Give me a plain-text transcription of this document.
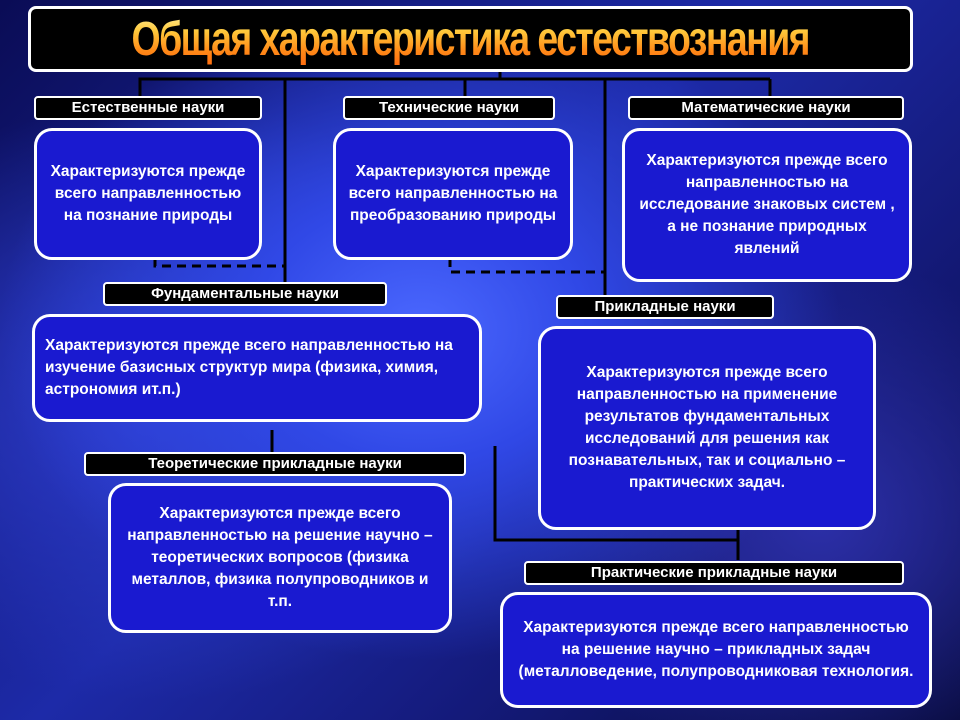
Общая характеристика естествознания
Естественные науки
Характеризуются прежде всего направленностью на познание природы
Технические науки
Характеризуются прежде всего направленностью на преобразованию природы
Математические науки
Характеризуются прежде всего направленностью на исследование знаковых систем , а не познание природных явлений
Фундаментальные науки
Характеризуются прежде всего направленностью на изучение базисных структур мира (физика, химия, астрономия ит.п.)
Прикладные науки
Характеризуются прежде всего направленностью на применение результатов фундаментальных исследований для решения как познавательных, так и социально – практических задач.
Теоретические прикладные науки
Характеризуются прежде всего направленностью на решение научно – теоретических вопросов (физика металлов, физика полупроводников и т.п.
Практические прикладные науки
Характеризуются прежде всего направленностью на решение научно – прикладных задач (металловедение, полупроводниковая технология.
